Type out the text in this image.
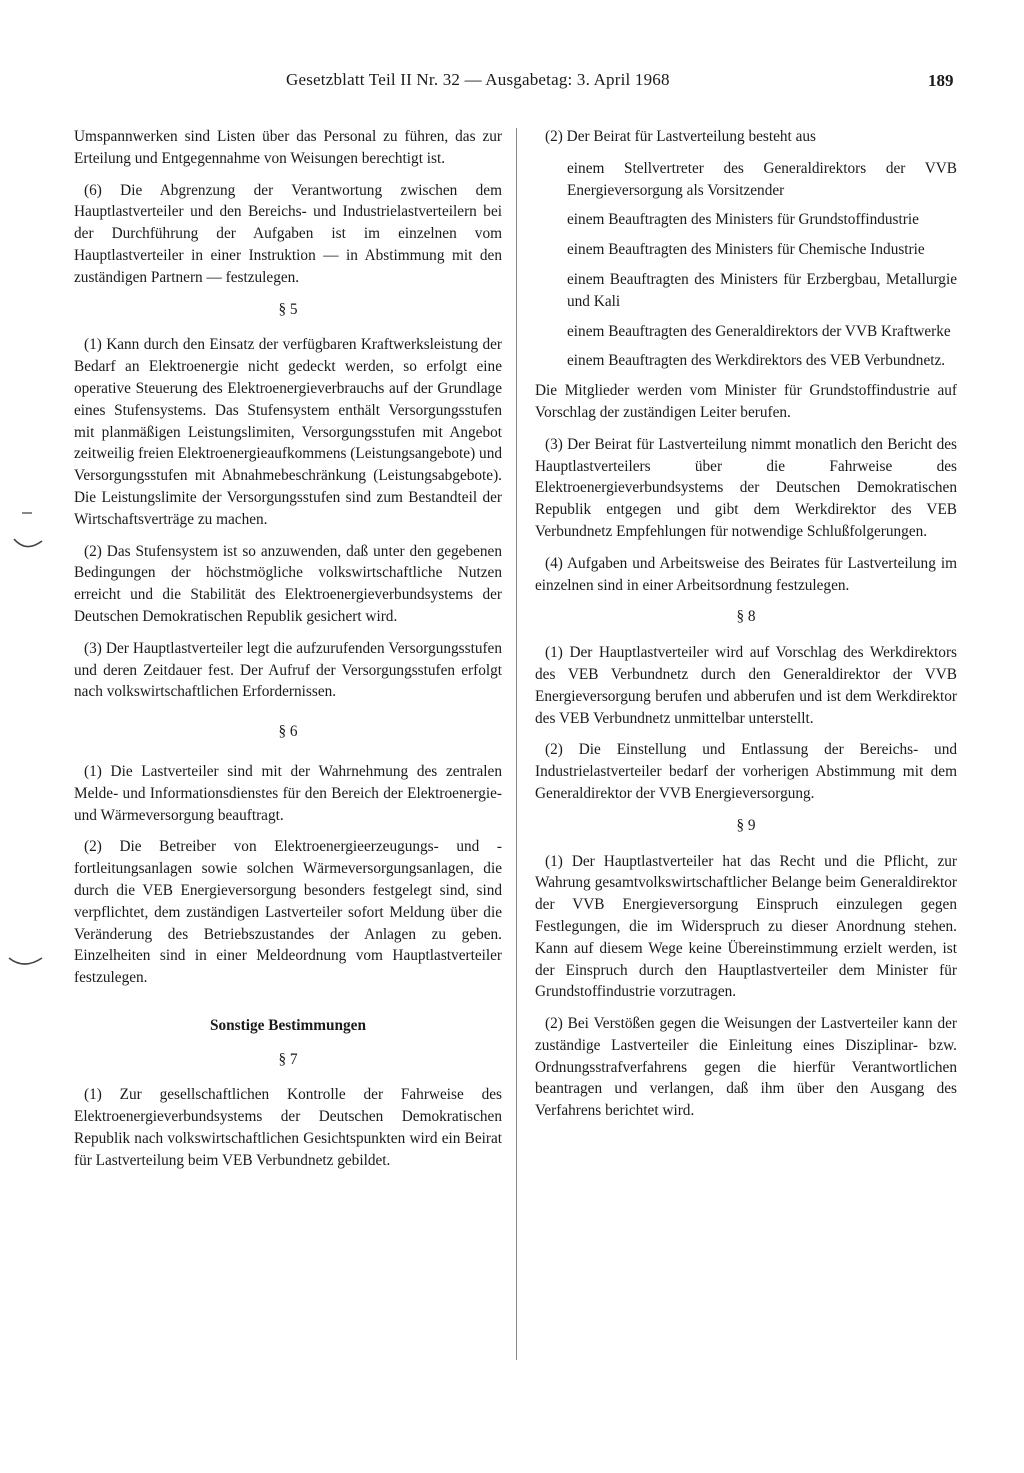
Gesetzblatt Teil II Nr. 32 — Ausgabetag: 3. April 1968	189

Umspannwerken sind Listen über das Personal zu führen, das zur Erteilung und Entgegennahme von Weisungen berechtigt ist.

(6) Die Abgrenzung der Verantwortung zwischen dem Hauptlastverteiler und den Bereichs- und Industrielastverteilern bei der Durchführung der Aufgaben ist im einzelnen vom Hauptlastverteiler in einer Instruktion — in Abstimmung mit den zuständigen Partnern — festzulegen.

§ 5

(1) Kann durch den Einsatz der verfügbaren Kraftwerksleistung der Bedarf an Elektroenergie nicht gedeckt werden, so erfolgt eine operative Steuerung des Elektroenergieverbrauchs auf der Grundlage eines Stufensystems. Das Stufensystem enthält Versorgungsstufen mit planmäßigen Leistungslimiten, Versorgungsstufen mit Angebot zeitweilig freien Elektroenergieaufkommens (Leistungsangebote) und Versorgungsstufen mit Abnahmebeschränkung (Leistungsabgebote). Die Leistungslimite der Versorgungsstufen sind zum Bestandteil der Wirtschaftsverträge zu machen.

(2) Das Stufensystem ist so anzuwenden, daß unter den gegebenen Bedingungen der höchstmögliche volkswirtschaftliche Nutzen erreicht und die Stabilität des Elektroenergieverbundsystems der Deutschen Demokratischen Republik gesichert wird.

(3) Der Hauptlastverteiler legt die aufzurufenden Versorgungsstufen und deren Zeitdauer fest. Der Aufruf der Versorgungsstufen erfolgt nach volkswirtschaftlichen Erfordernissen.

§ 6

(1) Die Lastverteiler sind mit der Wahrnehmung des zentralen Melde- und Informationsdienstes für den Bereich der Elektroenergie- und Wärmeversorgung beauftragt.

(2) Die Betreiber von Elektroenergieerzeugungs- und -fortleitungsanlagen sowie solchen Wärmeversorgungsanlagen, die durch die VEB Energieversorgung besonders festgelegt sind, sind verpflichtet, dem zuständigen Lastverteiler sofort Meldung über die Veränderung des Betriebszustandes der Anlagen zu geben. Einzelheiten sind in einer Meldeordnung vom Hauptlastverteiler festzulegen.

Sonstige Bestimmungen
§ 7

(1) Zur gesellschaftlichen Kontrolle der Fahrweise des Elektroenergieverbundsystems der Deutschen Demokratischen Republik nach volkswirtschaftlichen Gesichtspunkten wird ein Beirat für Lastverteilung beim VEB Verbundnetz gebildet.

(2) Der Beirat für Lastverteilung besteht aus

einem Stellvertreter des Generaldirektors der VVB Energieversorgung als Vorsitzender

einem Beauftragten des Ministers für Grundstoffindustrie

einem Beauftragten des Ministers für Chemische Industrie

einem Beauftragten des Ministers für Erzbergbau, Metallurgie und Kali

einem Beauftragten des Generaldirektors der VVB Kraftwerke

einem Beauftragten des Werkdirektors des VEB Verbundnetz.

Die Mitglieder werden vom Minister für Grundstoffindustrie auf Vorschlag der zuständigen Leiter berufen.

(3) Der Beirat für Lastverteilung nimmt monatlich den Bericht des Hauptlastverteilers über die Fahrweise des Elektroenergieverbundsystems der Deutschen Demokratischen Republik entgegen und gibt dem Werkdirektor des VEB Verbundnetz Empfehlungen für notwendige Schlußfolgerungen.

(4) Aufgaben und Arbeitsweise des Beirates für Lastverteilung im einzelnen sind in einer Arbeitsordnung festzulegen.

§ 8

(1) Der Hauptlastverteiler wird auf Vorschlag des Werkdirektors des VEB Verbundnetz durch den Generaldirektor der VVB Energieversorgung berufen und abberufen und ist dem Werkdirektor des VEB Verbundnetz unmittelbar unterstellt.

(2) Die Einstellung und Entlassung der Bereichs- und Industrielastverteiler bedarf der vorherigen Abstimmung mit dem Generaldirektor der VVB Energieversorgung.

§ 9

(1) Der Hauptlastverteiler hat das Recht und die Pflicht, zur Wahrung gesamtvolkswirtschaftlicher Belange beim Generaldirektor der VVB Energieversorgung Einspruch einzulegen gegen Festlegungen, die im Widerspruch zu dieser Anordnung stehen. Kann auf diesem Wege keine Übereinstimmung erzielt werden, ist der Einspruch durch den Hauptlastverteiler dem Minister für Grundstoffindustrie vorzutragen.

(2) Bei Verstößen gegen die Weisungen der Lastverteiler kann der zuständige Lastverteiler die Einleitung eines Disziplinar- bzw. Ordnungsstrafverfahrens gegen die hierfür Verantwortlichen beantragen und verlangen, daß ihm über den Ausgang des Verfahrens berichtet wird.
